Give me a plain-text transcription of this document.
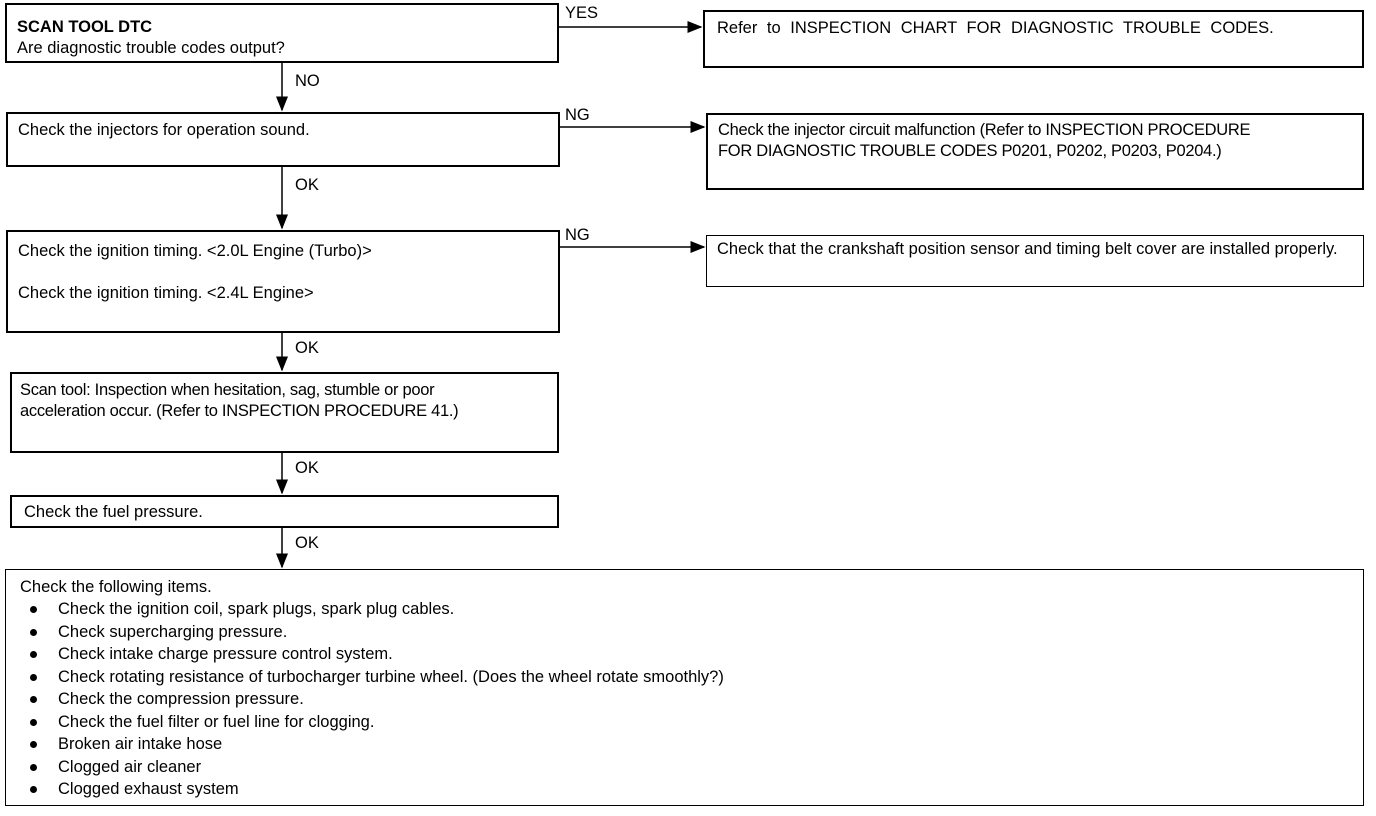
SCAN TOOL DTC
Are diagnostic trouble codes output?
Check the injectors for operation sound.
Check the ignition timing. <2.0L Engine (Turbo)>
Check the ignition timing. <2.4L Engine>
Scan tool: Inspection when hesitation, sag, stumble or poor acceleration occur. (Refer to INSPECTION PROCEDURE 41.)
Check the fuel pressure.
Refer to INSPECTION CHART FOR DIAGNOSTIC TROUBLE CODES.
Check the injector circuit malfunction (Refer to INSPECTION PROCEDURE FOR DIAGNOSTIC TROUBLE CODES P0201, P0202, P0203, P0204.)
Check that the crankshaft position sensor and timing belt cover are installed properly.
YES
NO
NG
OK
NG
OK
OK
OK
Check the following items.
Check the ignition coil, spark plugs, spark plug cables.
Check supercharging pressure.
Check intake charge pressure control system.
Check rotating resistance of turbocharger turbine wheel. (Does the wheel rotate smoothly?)
Check the compression pressure.
Check the fuel filter or fuel line for clogging.
Broken air intake hose
Clogged air cleaner
Clogged exhaust system
